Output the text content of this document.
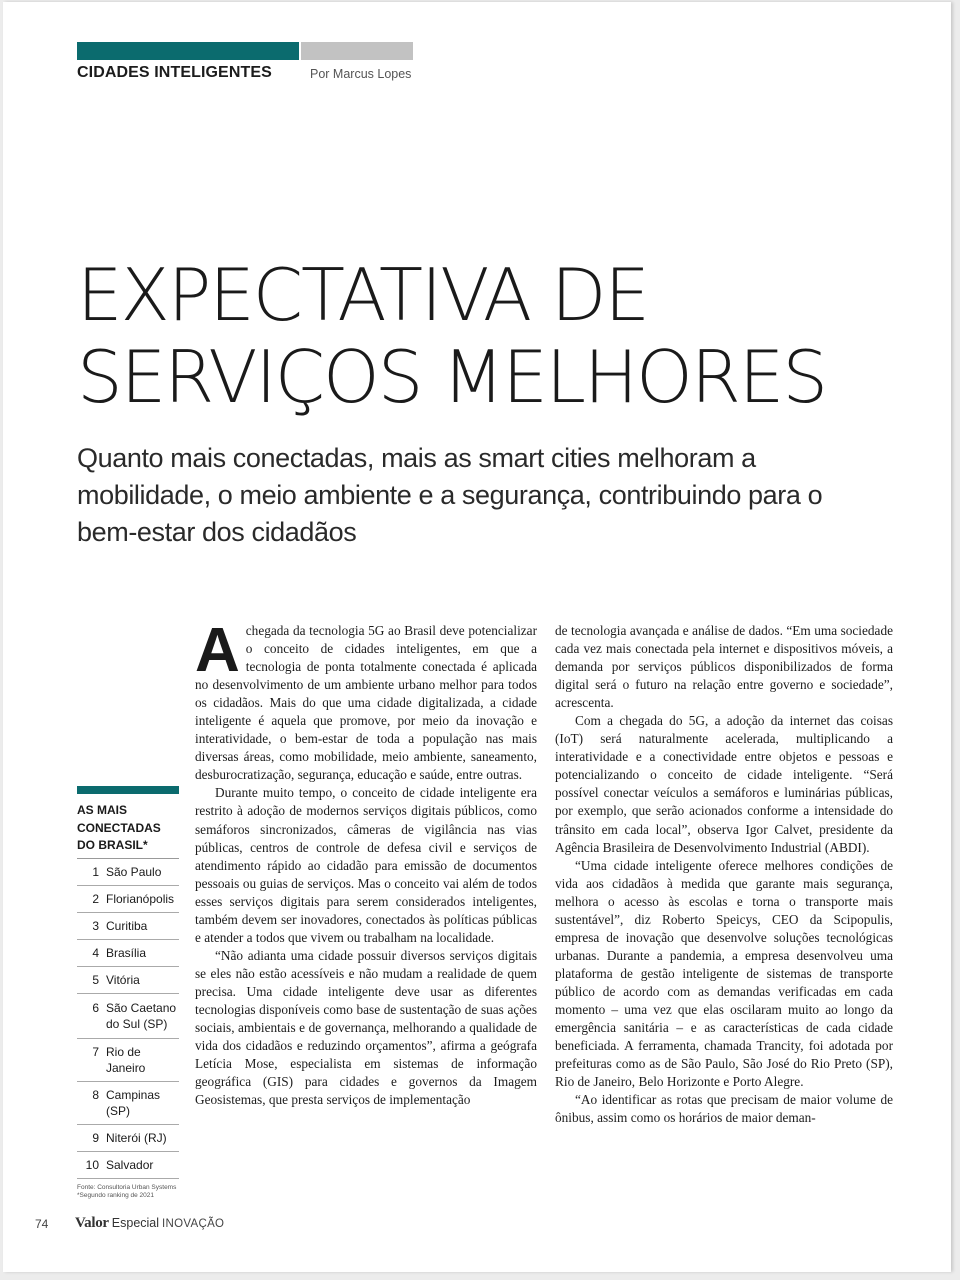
CIDADES INTELIGENTES	Por Marcus Lopes
EXPECTATIVA DE
SERVIÇOS MELHORES
Quanto mais conectadas, mais as smart cities melhoram a mobilidade, o meio ambiente e a segurança, contribuindo para o bem-estar dos cidadãos
AS MAIS CONECTADAS DO BRASIL*
1 São Paulo
2 Florianópolis
3 Curitiba
4 Brasília
5 Vitória
6 São Caetano do Sul (SP)
7 Rio de Janeiro
8 Campinas (SP)
9 Niterói (RJ)
10 Salvador
Fonte: Consultoria Urban Systems
*Segundo ranking de 2021

Achegada da tecnologia 5G ao Brasil deve potencializar o conceito de cidades inteligentes, em que a tecnologia de ponta totalmente conectada é aplicada no desenvolvimento de um ambiente urbano melhor para todos os cidadãos. Mais do que uma cidade digitalizada, a cidade inteligente é aquela que promove, por meio da inovação e interatividade, o bem-estar de toda a população nas mais diversas áreas, como mobilidade, meio ambiente, saneamento, desburocratização, segurança, educação e saúde, entre outras.

Durante muito tempo, o conceito de cidade inteligente era restrito à adoção de modernos serviços digitais públicos, como semáforos sincronizados, câmeras de vigilância nas vias públicas, centros de controle de defesa civil e serviços de atendimento rápido ao cidadão para emissão de documentos pessoais ou guias de serviços. Mas o conceito vai além de todos esses serviços digitais para serem considerados inteligentes, também devem ser inovadores, conectados às políticas públicas e atender a todos que vivem ou trabalham na localidade.

“Não adianta uma cidade possuir diversos serviços digitais se eles não estão acessíveis e não mudam a realidade de quem precisa. Uma cidade inteligente deve usar as diferentes tecnologias disponíveis como base de sustentação de suas ações sociais, ambientais e de governança, melhorando a qualidade de vida dos cidadãos e reduzindo orçamentos”, afirma a geógrafa Letícia Mose, especialista em sistemas de informação geográfica (GIS) para cidades e governos da Imagem Geosistemas, que presta serviços de implementação

de tecnologia avançada e análise de dados. “Em uma sociedade cada vez mais conectada pela internet e dispositivos móveis, a demanda por serviços públicos disponibilizados de forma digital será o futuro na relação entre governo e sociedade”, acrescenta.

Com a chegada do 5G, a adoção da internet das coisas (IoT) será naturalmente acelerada, multiplicando a interatividade e a conectividade entre objetos e pessoas e potencializando o conceito de cidade inteligente. “Será possível conectar veículos a semáforos e luminárias públicas, por exemplo, que serão acionados conforme a intensidade do trânsito em cada local”, observa Igor Calvet, presidente da Agência Brasileira de Desenvolvimento Industrial (ABDI).

“Uma cidade inteligente oferece melhores condições de vida aos cidadãos à medida que garante mais segurança, melhora o acesso às escolas e torna o transporte mais sustentável”, diz Roberto Speicys, CEO da Scipopulis, empresa de inovação que desenvolve soluções tecnológicas urbanas. Durante a pandemia, a empresa desenvolveu uma plataforma de gestão inteligente de sistemas de transporte público de acordo com as demandas verificadas em cada momento – uma vez que elas oscilaram muito ao longo da emergência sanitária – e as características de cada cidade beneficiada. A ferramenta, chamada Trancity, foi adotada por prefeituras como as de São Paulo, São José do Rio Preto (SP), Rio de Janeiro, Belo Horizonte e Porto Alegre.

“Ao identificar as rotas que precisam de maior volume de ônibus, assim como os horários de maior deman-

74 Valor Especial INOVAÇÃO
